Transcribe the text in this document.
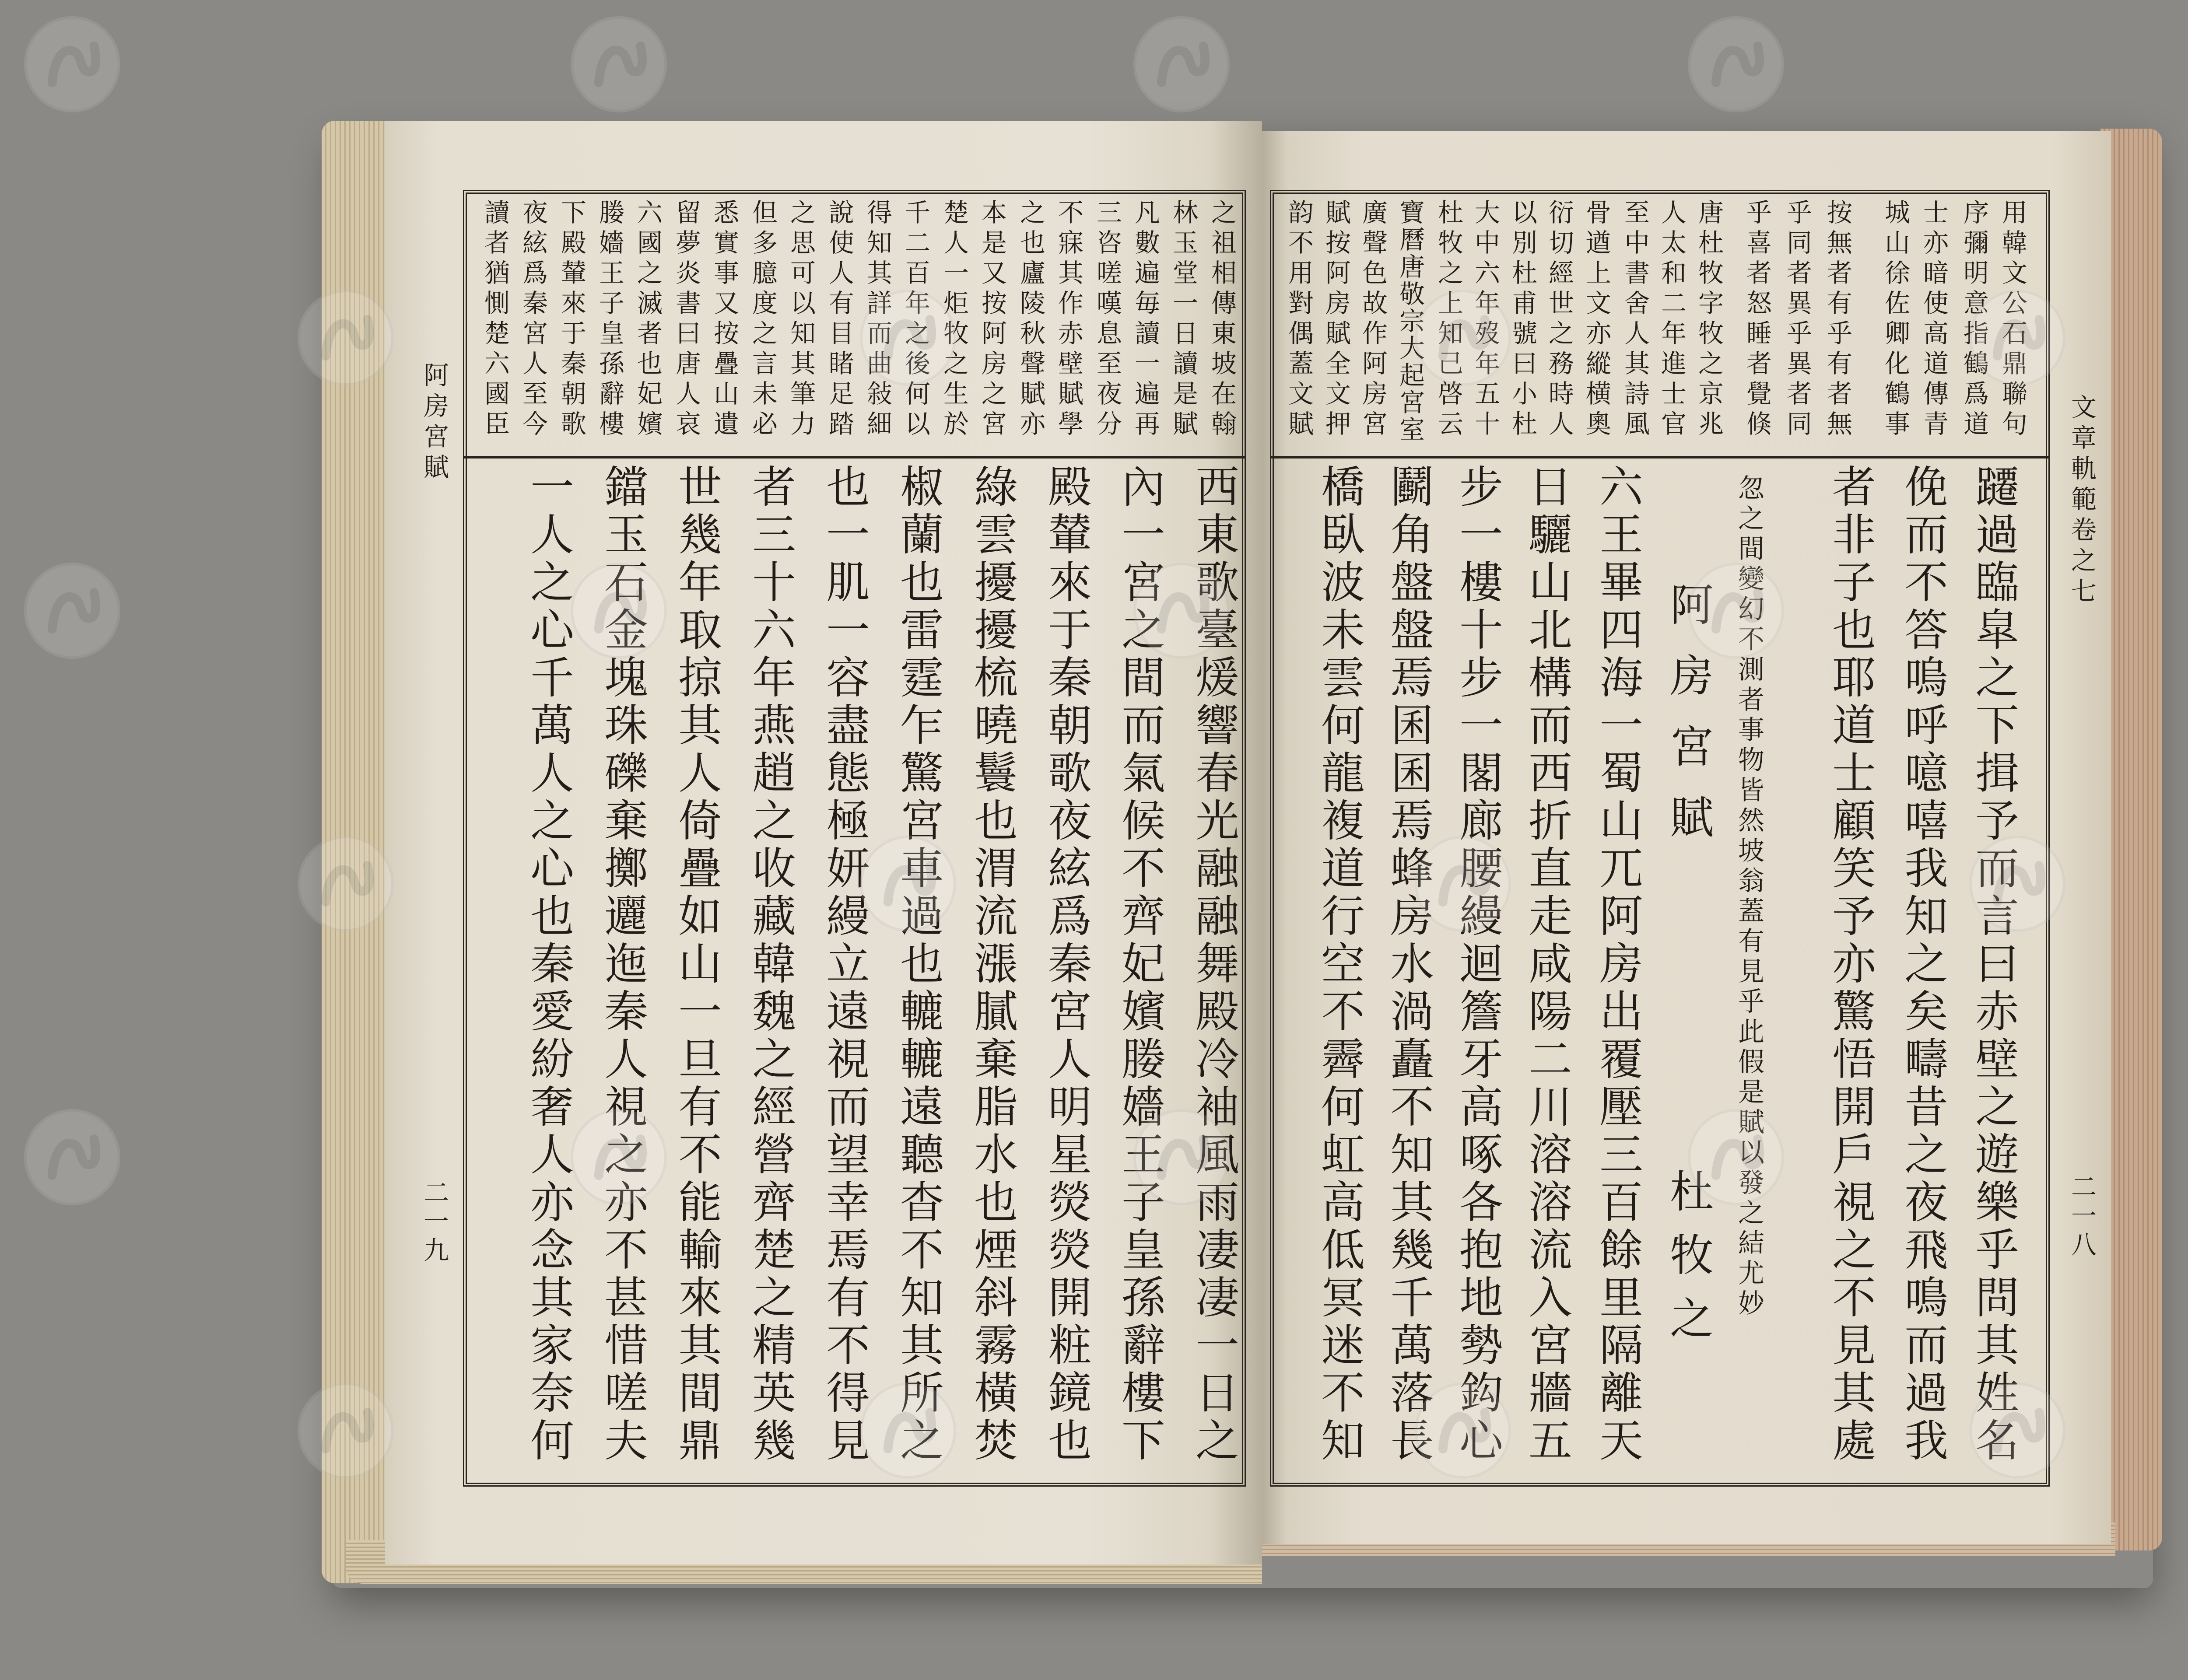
阿房宮賦
二一九
之祖相傳東坡在翰
林玉堂一日讀是賦
凡數遍毎讀一遍再
三咨嗟嘆息至夜分
不寐其作赤壁賦學
之也廬陵秋聲賦亦
本是又按阿房之宮
楚人一炬牧之生於
千二百年之後何以
得知其詳而曲敍細
說使人有目睹足踏
之思可以知其筆力
但多臆度之言未必
悉實事又按疊山遺
留夢炎書曰唐人哀
六國之滅者也妃嬪
媵嬙王子皇孫辭樓
下殿輦來于秦朝歌
夜絃爲秦宮人至今
讀者猶惻楚六國臣
西東歌臺煖響春光融融舞殿冷袖風雨凄凄一日之
內一宮之間而氣候不齊妃嬪媵嬙王子皇孫辭樓下
殿輦來于秦朝歌夜絃爲秦宮人明星熒熒開粧鏡也
綠雲擾擾梳曉鬟也渭流漲膩棄脂水也煙斜霧橫焚
椒蘭也雷霆乍驚宮車過也轆轆遠聽杳不知其所之
也一肌一容盡態極妍縵立遠視而望幸焉有不得見
者三十六年燕趙之收藏韓魏之經營齊楚之精英幾
世幾年取掠其人倚疊如山一旦有不能輸來其間鼎
鐺玉石金塊珠礫棄擲邐迤秦人視之亦不甚惜嗟夫
一人之心千萬人之心也秦愛紛奢人亦念其家奈何	文章軌範卷之七
二一八
用韓文公石鼎聯句
序彌明意指鶴爲道
士亦暗使高道傳青
城山徐佐卿化鶴事
按無者有乎有者無
乎同者異乎異者同
乎喜者怒睡者覺倏
唐杜牧字牧之京兆
人太和二年進士官
至中書舍人其詩風
骨遒上文亦縱横奧
衍切經世之務時人
以別杜甫號曰小杜
大中六年歿年五十
杜牧之上知己啓云
寶曆唐敬宗大起宮室
廣聲色故作阿房宮
賦按阿房賦全文押
韵不用對偶蓋文賦
躚過臨皐之下揖予而言曰赤壁之遊樂乎問其姓名
俛而不答嗚呼噫嘻我知之矣疇昔之夜飛鳴而過我
者非子也耶道士顧笑予亦驚悟開戶視之不見其處
忽之間變幻不測者事物皆然坡翁蓋有見乎此假是賦以發之結尤妙
阿房宮賦
杜牧之
六王畢四海一蜀山兀阿房出覆壓三百餘里隔離天
日驪山北構而西折直走咸陽二川溶溶流入宮牆五
步一樓十步一閣廊腰縵迴簷牙高啄各抱地勢鈎心
鬬角盤盤焉囷囷焉蜂房水渦矗不知其幾千萬落長
橋臥波未雲何龍複道行空不霽何虹高低冥迷不知
